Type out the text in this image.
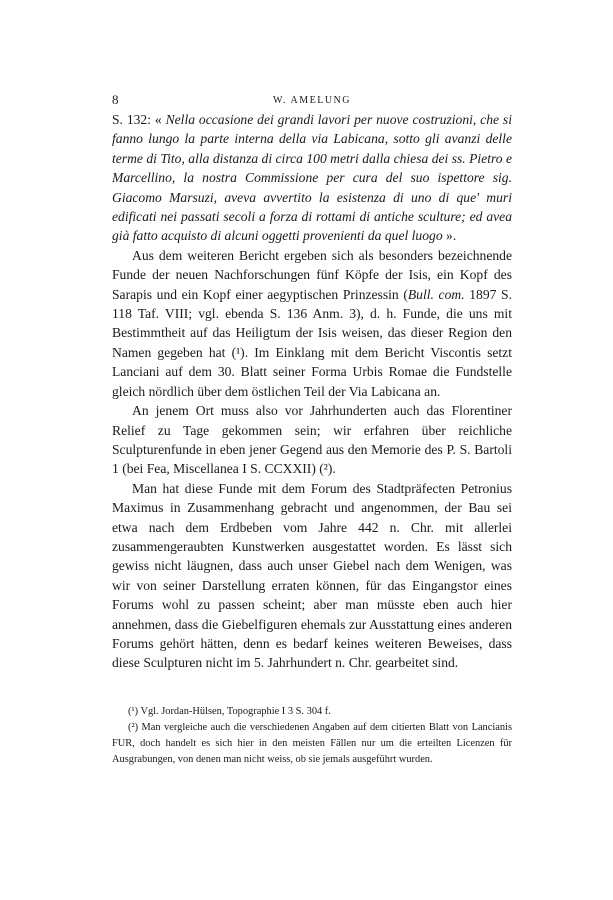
8	W. AMELUNG

S. 132: « Nella occasione dei grandi lavori per nuove costruzioni, che si fanno lungo la parte interna della via Labicana, sotto gli avanzi delle terme di Tito, alla distanza di circa 100 metri dalla chiesa dei ss. Pietro e Marcellino, la nostra Commissione per cura del suo ispettore sig. Giacomo Marsuzi, aveva avvertito la esistenza di uno di que' muri edificati nei passati secoli a forza di rottami di antiche sculture; ed avea già fatto acquisto di alcuni oggetti provenienti da quel luogo ».

Aus dem weiteren Bericht ergeben sich als besonders bezeichnende Funde der neuen Nachforschungen fünf Köpfe der Isis, ein Kopf des Sarapis und ein Kopf einer aegyptischen Prinzessin (Bull. com. 1897 S. 118 Taf. VIII; vgl. ebenda S. 136 Anm. 3), d. h. Funde, die uns mit Bestimmtheit auf das Heiligtum der Isis weisen, das dieser Region den Namen gegeben hat (¹). Im Einklang mit dem Bericht Viscontis setzt Lanciani auf dem 30. Blatt seiner Forma Urbis Romae die Fundstelle gleich nördlich über dem östlichen Teil der Via Labicana an.

An jenem Ort muss also vor Jahrhunderten auch das Florentiner Relief zu Tage gekommen sein; wir erfahren über reichliche Sculpturenfunde in eben jener Gegend aus den Memorie des P. S. Bartoli 1 (bei Fea, Miscellanea I S. CCXXII) (²).

Man hat diese Funde mit dem Forum des Stadtpräfecten Petronius Maximus in Zusammenhang gebracht und angenommen, der Bau sei etwa nach dem Erdbeben vom Jahre 442 n. Chr. mit allerlei zusammengeraubten Kunstwerken ausgestattet worden. Es lässt sich gewiss nicht läugnen, dass auch unser Giebel nach dem Wenigen, was wir von seiner Darstellung erraten können, für das Eingangstor eines Forums wohl zu passen scheint; aber man müsste eben auch hier annehmen, dass die Giebelfiguren ehemals zur Ausstattung eines anderen Forums gehört hätten, denn es bedarf keines weiteren Beweises, dass diese Sculpturen nicht im 5. Jahrhundert n. Chr. gearbeitet sind.

(¹) Vgl. Jordan-Hülsen, Topographie I 3 S. 304 f.

(²) Man vergleiche auch die verschiedenen Angaben auf dem citierten Blatt von Lancianis FUR, doch handelt es sich hier in den meisten Fällen nur um die erteilten Licenzen für Ausgrabungen, von denen man nicht weiss, ob sie jemals ausgeführt wurden.
